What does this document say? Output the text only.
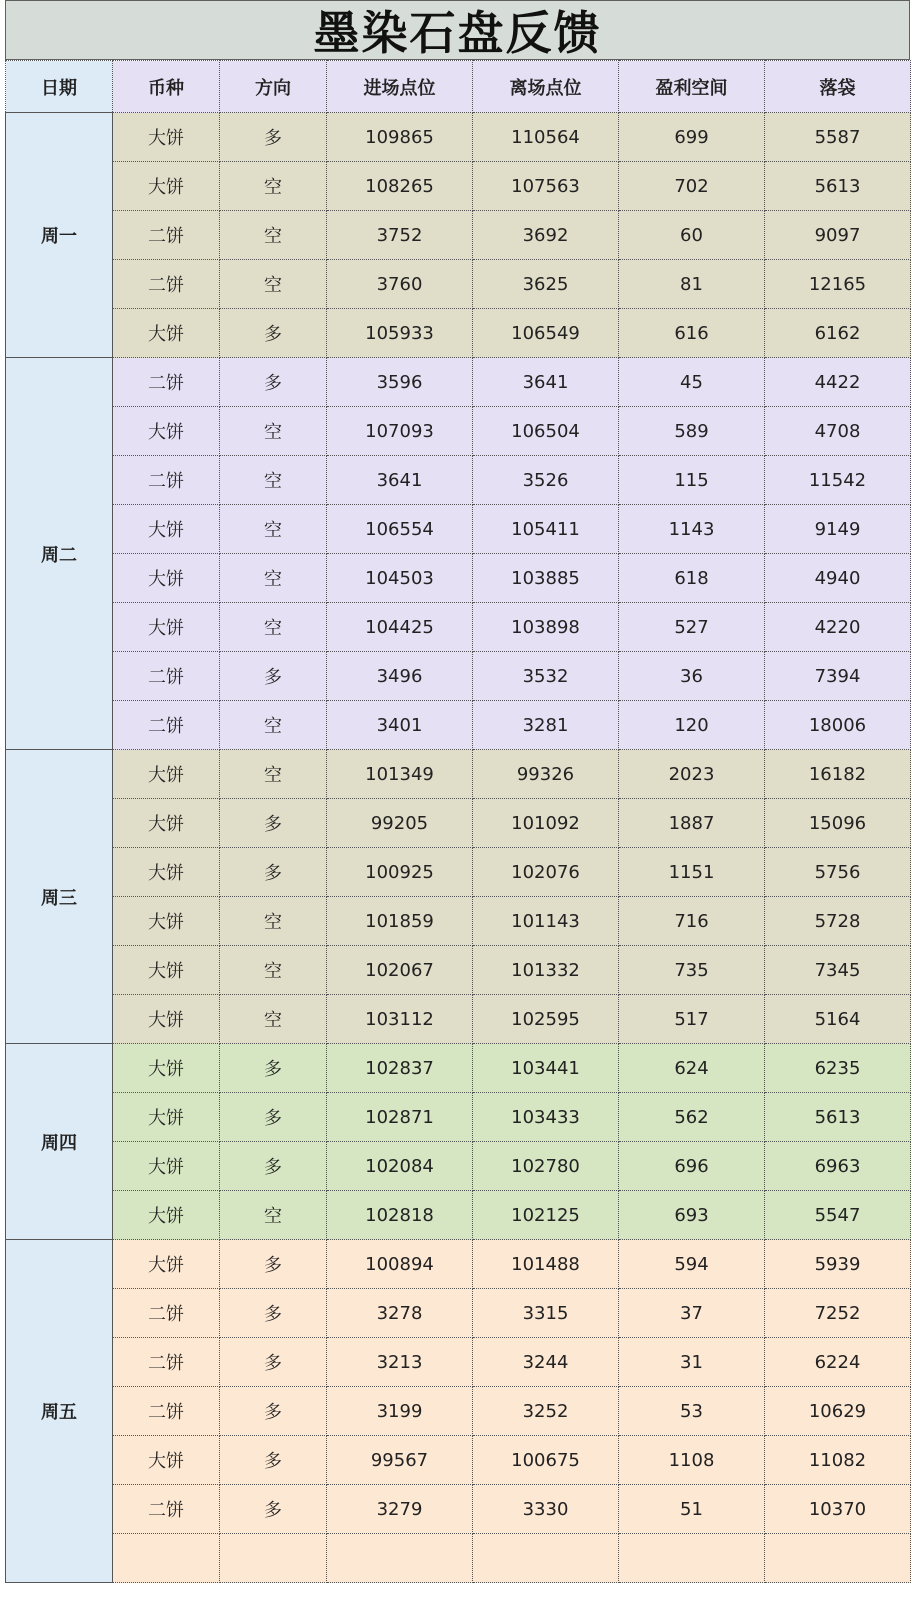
墨染石盘反馈
日期	币种	方向	进场点位	离场点位	盈利空间	落袋
周一	大饼	多	109865	110564	699	5587
	大饼	空	108265	107563	702	5613
	二饼	空	3752	3692	60	9097
	二饼	空	3760	3625	81	12165
	大饼	多	105933	106549	616	6162
周二	二饼	多	3596	3641	45	4422
	大饼	空	107093	106504	589	4708
	二饼	空	3641	3526	115	11542
	大饼	空	106554	105411	1143	9149
	大饼	空	104503	103885	618	4940
	大饼	空	104425	103898	527	4220
	二饼	多	3496	3532	36	7394
	二饼	空	3401	3281	120	18006
周三	大饼	空	101349	99326	2023	16182
	大饼	多	99205	101092	1887	15096
	大饼	多	100925	102076	1151	5756
	大饼	空	101859	101143	716	5728
	大饼	空	102067	101332	735	7345
	大饼	空	103112	102595	517	5164
周四	大饼	多	102837	103441	624	6235
	大饼	多	102871	103433	562	5613
	大饼	多	102084	102780	696	6963
	大饼	空	102818	102125	693	5547
周五	大饼	多	100894	101488	594	5939
	二饼	多	3278	3315	37	7252
	二饼	多	3213	3244	31	6224
	二饼	多	3199	3252	53	10629
	大饼	多	99567	100675	1108	11082
	二饼	多	3279	3330	51	10370
